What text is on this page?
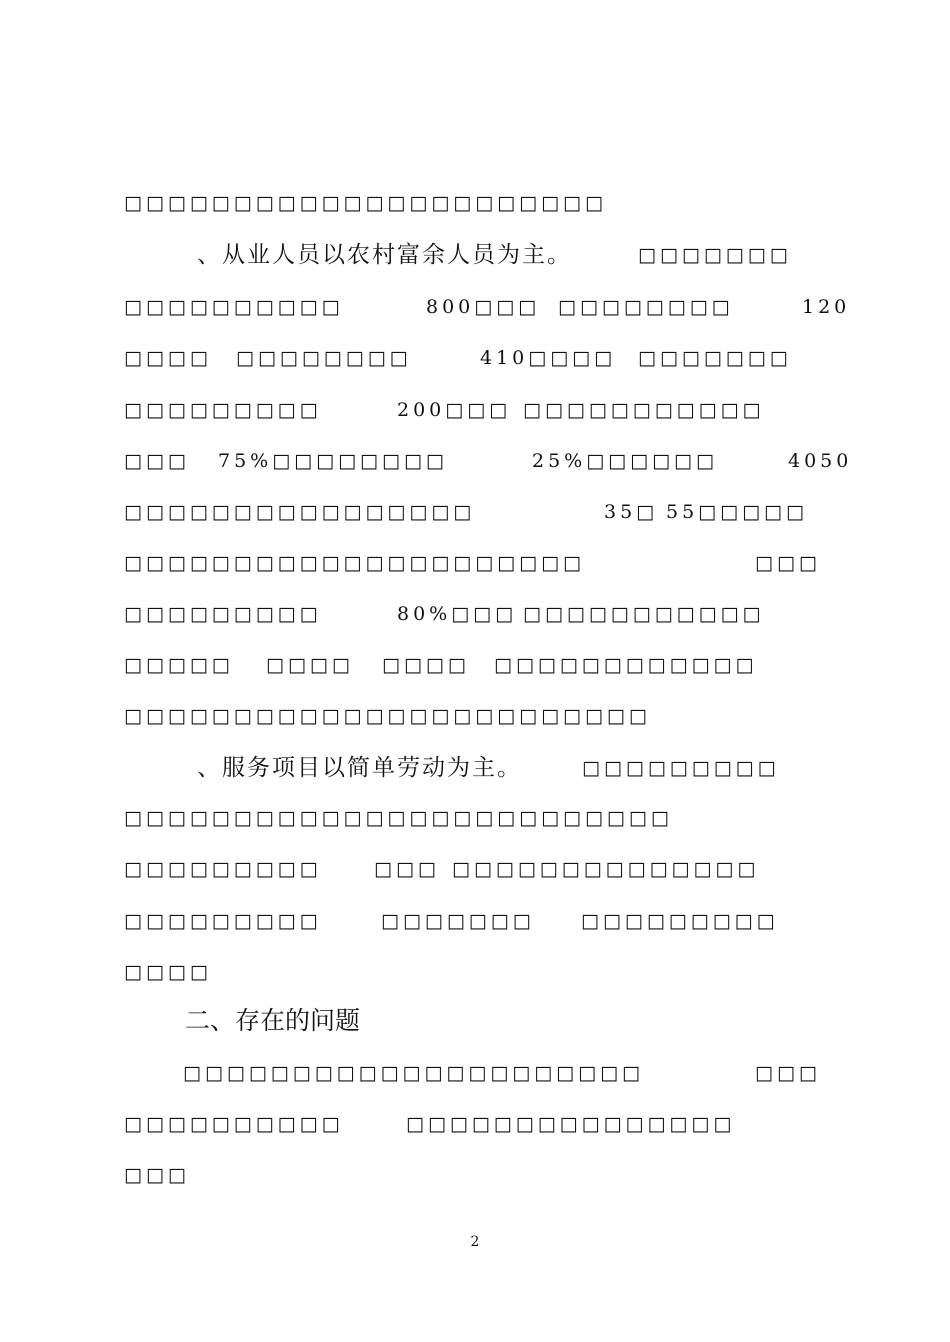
□□□□□□□□□□□□□□□□□□□□□□
、从业人员以农村富余人员为主。	□□□□□□□
□□□□□□□□□□	800□□□ □□□□□□□□	120
□□□□ □□□□□□□□	410□□□□ □□□□□□□
□□□□□□□□□	200□□□ □□□□□□□□□□□
□□□ 75%□□□□□□□□	25%□□□□□□	4050
□□□□□□□□□□□□□□□□	35□ 55□□□□□
□□□□□□□□□□□□□□□□□□□□□	□□□
□□□□□□□□□	80%□□□ □□□□□□□□□□□
□□□□□ □□□□ □□□□ □□□□□□□□□□□□
□□□□□□□□□□□□□□□□□□□□□□□□
、服务项目以简单劳动为主。	□□□□□□□□□
□□□□□□□□□□□□□□□□□□□□□□□□□
□□□□□□□□□	□□□ □□□□□□□□□□□□□□
□□□□□□□□□	□□□□□□□ □□□□□□□□□
□□□□
二、存在的问题
□□□□□□□□□□□□□□□□□□□□□	□□□
□□□□□□□□□□	□□□□□□□□□□□□□□□
□□□
2
